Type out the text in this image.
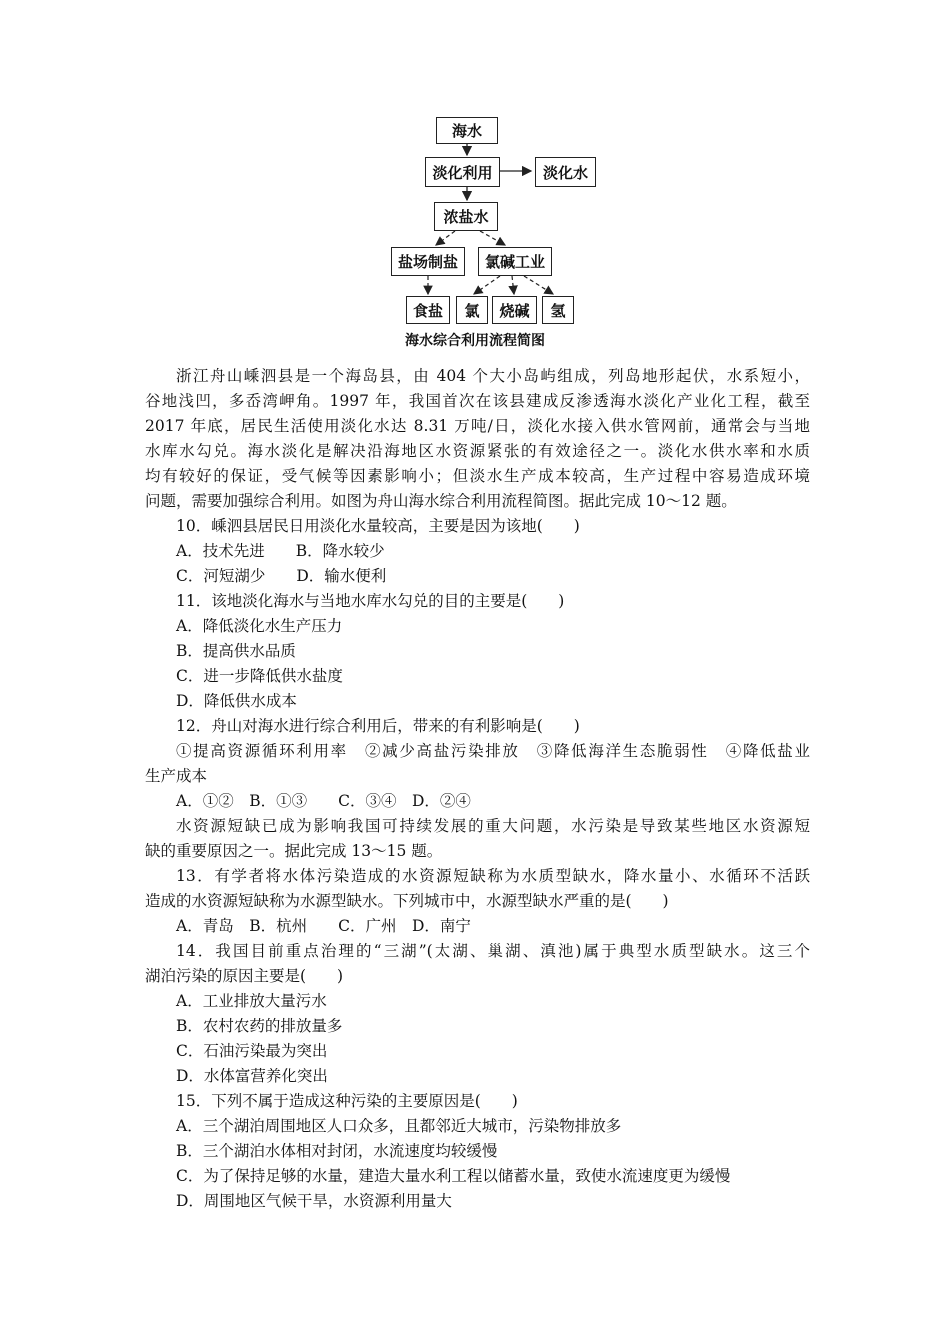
海水
淡化利用	淡化水
浓盐水
盐场制盐	氯碱工业
食盐	氯	烧碱	氢
海水综合利用流程简图

浙江舟山嵊泗县是一个海岛县，由 404 个大小岛屿组成，列岛地形起伏，水系短小，

谷地浅凹，多岙湾岬角。1997 年，我国首次在该县建成反渗透海水淡化产业化工程，截至

2017 年底，居民生活使用淡化水达 8.31 万吨/日，淡化水接入供水管网前，通常会与当地

水库水勾兑。海水淡化是解决沿海地区水资源紧张的有效途径之一。淡化水供水率和水质

均有较好的保证，受气候等因素影响小；但淡水生产成本较高，生产过程中容易造成环境

问题，需要加强综合利用。如图为舟山海水综合利用流程简图。据此完成 10～12 题。

10．嵊泗县居民日用淡化水量较高，主要是因为该地(　　)

A．技术先进　　B．降水较少

C．河短湖少　　D．输水便利

11．该地淡化海水与当地水库水勾兑的目的主要是(　　)

A．降低淡化水生产压力

B．提高供水品质

C．进一步降低供水盐度

D．降低供水成本

12．舟山对海水进行综合利用后，带来的有利影响是(　　)

①提高资源循环利用率　②减少高盐污染排放　③降低海洋生态脆弱性　④降低盐业

生产成本

A．①②　B．①③　　C．③④　D．②④

水资源短缺已成为影响我国可持续发展的重大问题，水污染是导致某些地区水资源短

缺的重要原因之一。据此完成 13～15 题。

13．有学者将水体污染造成的水资源短缺称为水质型缺水，降水量小、水循环不活跃

造成的水资源短缺称为水源型缺水。下列城市中，水源型缺水严重的是(　　)

A．青岛　B．杭州　　C．广州　D．南宁

14．我国目前重点治理的“三湖”(太湖、巢湖、滇池)属于典型水质型缺水。这三个

湖泊污染的原因主要是(　　)

A．工业排放大量污水

B．农村农药的排放量多

C．石油污染最为突出

D．水体富营养化突出

15．下列不属于造成这种污染的主要原因是(　　)

A．三个湖泊周围地区人口众多，且都邻近大城市，污染物排放多

B．三个湖泊水体相对封闭，水流速度均较缓慢

C．为了保持足够的水量，建造大量水利工程以储蓄水量，致使水流速度更为缓慢

D．周围地区气候干旱，水资源利用量大
